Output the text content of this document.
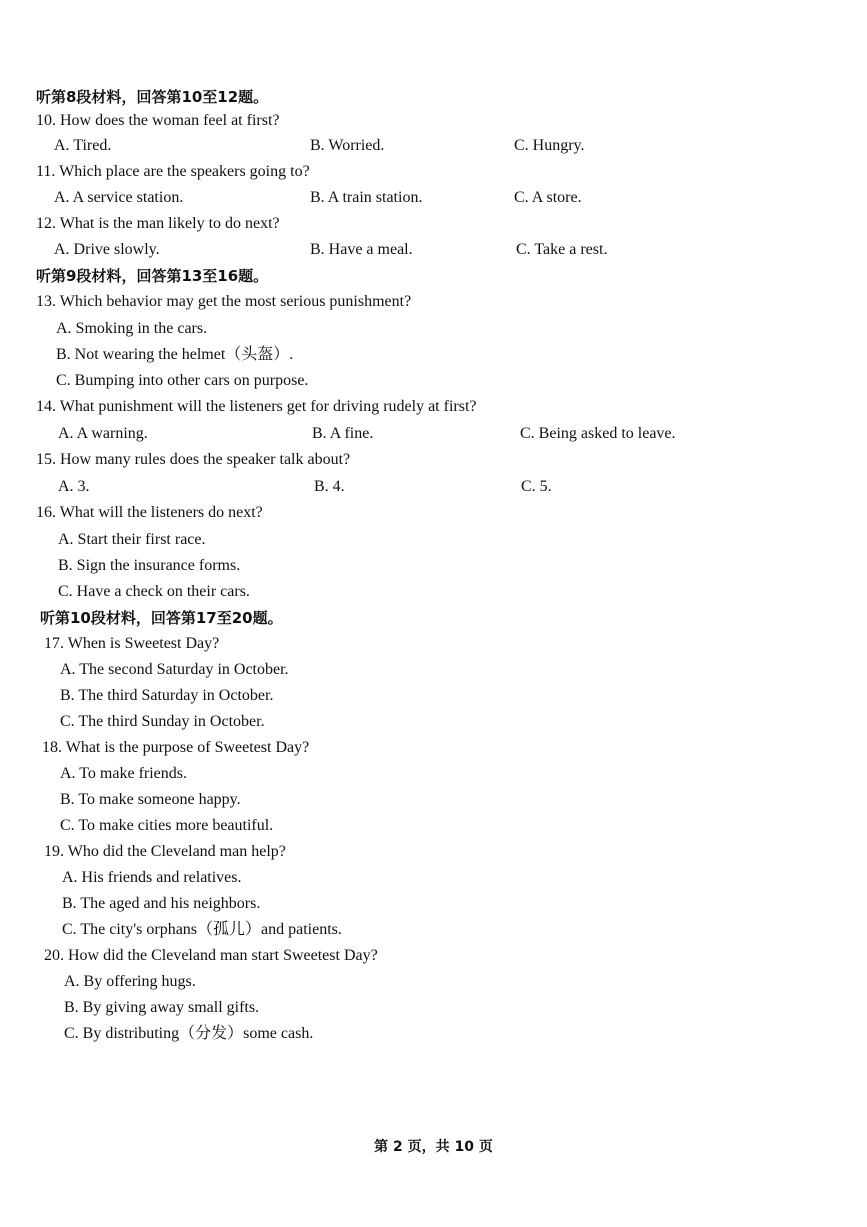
听第8段材料，回答第10至12题。
10. How does the woman feel at first?
A. Tired.	B. Worried.	C. Hungry.
11. Which place are the speakers going to?
A. A service station.	B. A train station.	C. A store.
12. What is the man likely to do next?
A. Drive slowly.	B. Have a meal.	C. Take a rest.
听第9段材料，回答第13至16题。
13. Which behavior may get the most serious punishment?
A. Smoking in the cars.
B. Not wearing the helmet（头盔）.
C. Bumping into other cars on purpose.
14. What punishment will the listeners get for driving rudely at first?
A. A warning.	B. A fine.	C. Being asked to leave.
15. How many rules does the speaker talk about?
A. 3.	B. 4.	C. 5.
16. What will the listeners do next?
A. Start their first race.
B. Sign the insurance forms.
C. Have a check on their cars.
听第10段材料，回答第17至20题。
17. When is Sweetest Day?
A. The second Saturday in October.
B. The third Saturday in October.
C. The third Sunday in October.
18. What is the purpose of Sweetest Day?
A. To make friends.
B. To make someone happy.
C. To make cities more beautiful.
19. Who did the Cleveland man help?
A. His friends and relatives.
B. The aged and his neighbors.
C. The city's orphans（孤儿）and patients.
20. How did the Cleveland man start Sweetest Day?
A. By offering hugs.
B. By giving away small gifts.
C. By distributing（分发）some cash.
第 2 页，共 10 页
